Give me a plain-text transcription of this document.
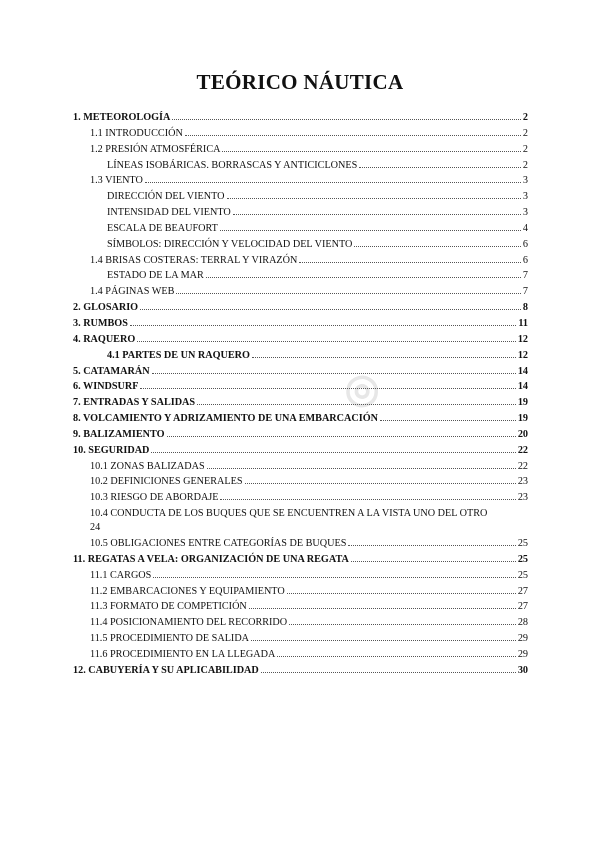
TEÓRICO NÁUTICA
◎
1. METEOROLOGÍA	2
1.1 INTRODUCCIÓN	2
1.2 PRESIÓN ATMOSFÉRICA	2
LÍNEAS ISOBÁRICAS. BORRASCAS Y ANTICICLONES	2
1.3 VIENTO	3
DIRECCIÓN DEL VIENTO	3
INTENSIDAD DEL VIENTO	3
ESCALA DE BEAUFORT	4
SÍMBOLOS: DIRECCIÓN Y VELOCIDAD DEL VIENTO	6
1.4 BRISAS COSTERAS: TERRAL Y VIRAZÓN	6
ESTADO DE LA MAR	7
1.4 PÁGINAS WEB	7
2. GLOSARIO	8
3. RUMBOS	11
4. RAQUERO	12
4.1 PARTES DE UN RAQUERO	12
5. CATAMARÁN	14
6. WINDSURF	14
7. ENTRADAS Y SALIDAS	19
8. VOLCAMIENTO Y ADRIZAMIENTO DE UNA EMBARCACIÓN	19
9. BALIZAMIENTO	20
10. SEGURIDAD	22
10.1 ZONAS BALIZADAS	22
10.2 DEFINICIONES GENERALES	23
10.3 RIESGO DE ABORDAJE	23
10.4 CONDUCTA DE LOS BUQUES QUE SE ENCUENTREN A LA VISTA UNO DEL OTRO
24
10.5 OBLIGACIONES ENTRE CATEGORÍAS DE BUQUES	25
11. REGATAS A VELA: ORGANIZACIÓN DE UNA REGATA	25
11.1 CARGOS	25
11.2 EMBARCACIONES Y EQUIPAMIENTO	27
11.3 FORMATO DE COMPETICIÓN	27
11.4 POSICIONAMIENTO DEL RECORRIDO	28
11.5 PROCEDIMIENTO DE SALIDA	29
11.6 PROCEDIMIENTO EN LA LLEGADA	29
12. CABUYERÍA Y SU APLICABILIDAD	30
